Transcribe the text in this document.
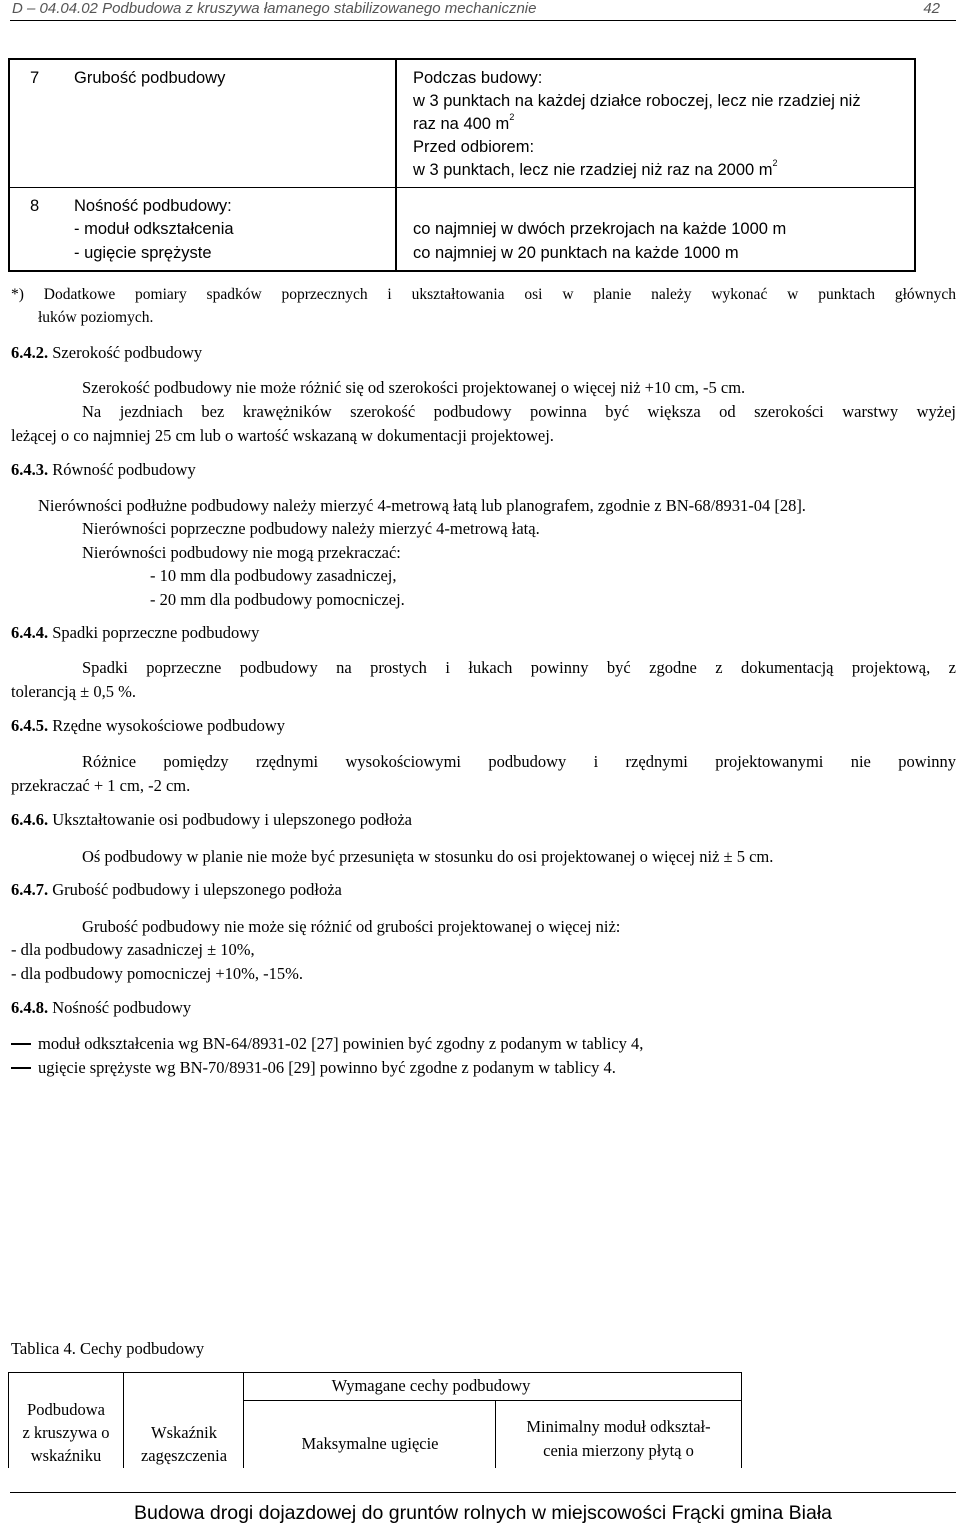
D – 04.04.02 Podbudowa z kruszywa łamanego stabilizowanego mechanicznie	42
7 Grubość podbudowy	Podczas budowy:
w 3 punktach na każdej działce roboczej, lecz nie rzadziej niż
raz na 400 $m^2$
Przed odbiorem:
w 3 punktach, lecz nie rzadziej niż raz na 2000 $m^2$
8 Nośność podbudowy:
- moduł odkształcenia
- ugięcie sprężyste
co najmniej w dwóch przekrojach na każde 1000 m
co najmniej w 20 punktach na każde 1000 m
*) Dodatkowe pomiary spadków poprzecznych i ukształtowania osi w planie należy wykonać w punktach głównych
łuków poziomych.
6.4.2. Szerokość podbudowy
Szerokość podbudowy nie może różnić się od szerokości projektowanej o więcej niż +10 cm, -5 cm.
Na jezdniach bez krawężników szerokość podbudowy powinna być większa od szerokości warstwy wyżej
leżącej o co najmniej 25 cm lub o wartość wskazaną w dokumentacji projektowej.
6.4.3. Równość podbudowy
Nierówności podłużne podbudowy należy mierzyć 4-metrową łatą lub planografem, zgodnie z BN-68/8931-04 [28].
Nierówności poprzeczne podbudowy należy mierzyć 4-metrową łatą.
Nierówności podbudowy nie mogą przekraczać:
- 10 mm dla podbudowy zasadniczej,
- 20 mm dla podbudowy pomocniczej.
6.4.4. Spadki poprzeczne podbudowy
Spadki poprzeczne podbudowy na prostych i łukach powinny być zgodne z dokumentacją projektową, z
tolerancją ± 0,5 %.
6.4.5. Rzędne wysokościowe podbudowy
Różnice pomiędzy rzędnymi wysokościowymi podbudowy i rzędnymi projektowanymi nie powinny
przekraczać + 1 cm, -2 cm.
6.4.6. Ukształtowanie osi podbudowy i ulepszonego podłoża
Oś podbudowy w planie nie może być przesunięta w stosunku do osi projektowanej o więcej niż ± 5 cm.
6.4.7. Grubość podbudowy i ulepszonego podłoża
Grubość podbudowy nie może się różnić od grubości projektowanej o więcej niż:
- dla podbudowy zasadniczej ± 10%,
- dla podbudowy pomocniczej +10%, -15%.
6.4.8. Nośność podbudowy
moduł odkształcenia wg BN-64/8931-02 [27] powinien być zgodny z podanym w tablicy 4,
ugięcie sprężyste wg BN-70/8931-06 [29] powinno być zgodne z podanym w tablicy 4.
Tablica 4. Cechy podbudowy
Podbudowa
z kruszywa o
wskaźniku
Wskaźnik
zagęszczenia
Wymagane cechy podbudowy
Maksymalne ugięcie
Minimalny moduł odkształ-
cenia mierzony płytą o
Budowa drogi dojazdowej do gruntów rolnych w miejscowości Frącki gmina Biała
